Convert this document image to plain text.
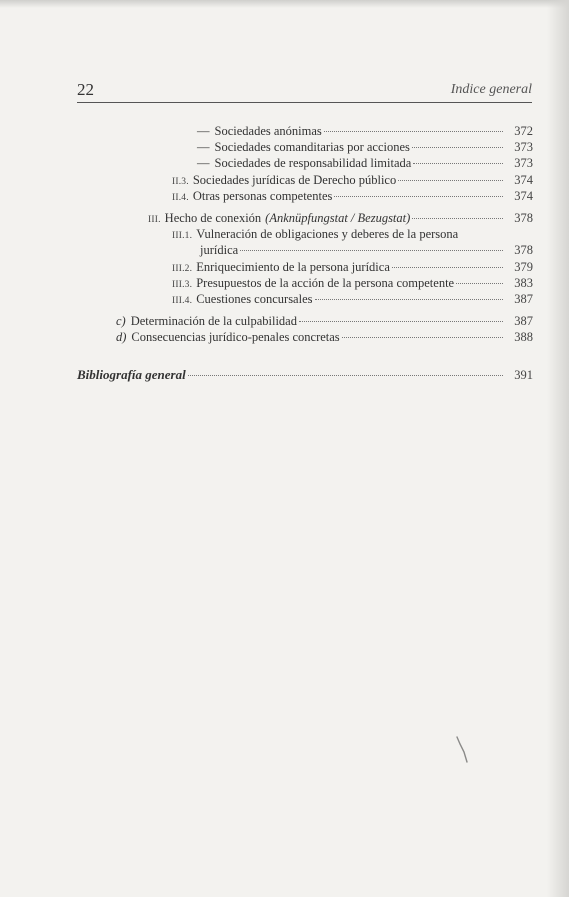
22	Indice general
— Sociedades anónimas	372
— Sociedades comanditarias por acciones	373
— Sociedades de responsabilidad limitada	373
II.3. Sociedades jurídicas de Derecho público	374
II.4. Otras personas competentes	374
III. Hecho de conexión (Anknüpfungstat / Bezugstat)	378
III.1. Vulneración de obligaciones y deberes de la persona
jurídica	378
III.2. Enriquecimiento de la persona jurídica	379
III.3. Presupuestos de la acción de la persona competente	383
III.4. Cuestiones concursales	387
c) Determinación de la culpabilidad	387
d) Consecuencias jurídico-penales concretas	388
Bibliografía general	391
